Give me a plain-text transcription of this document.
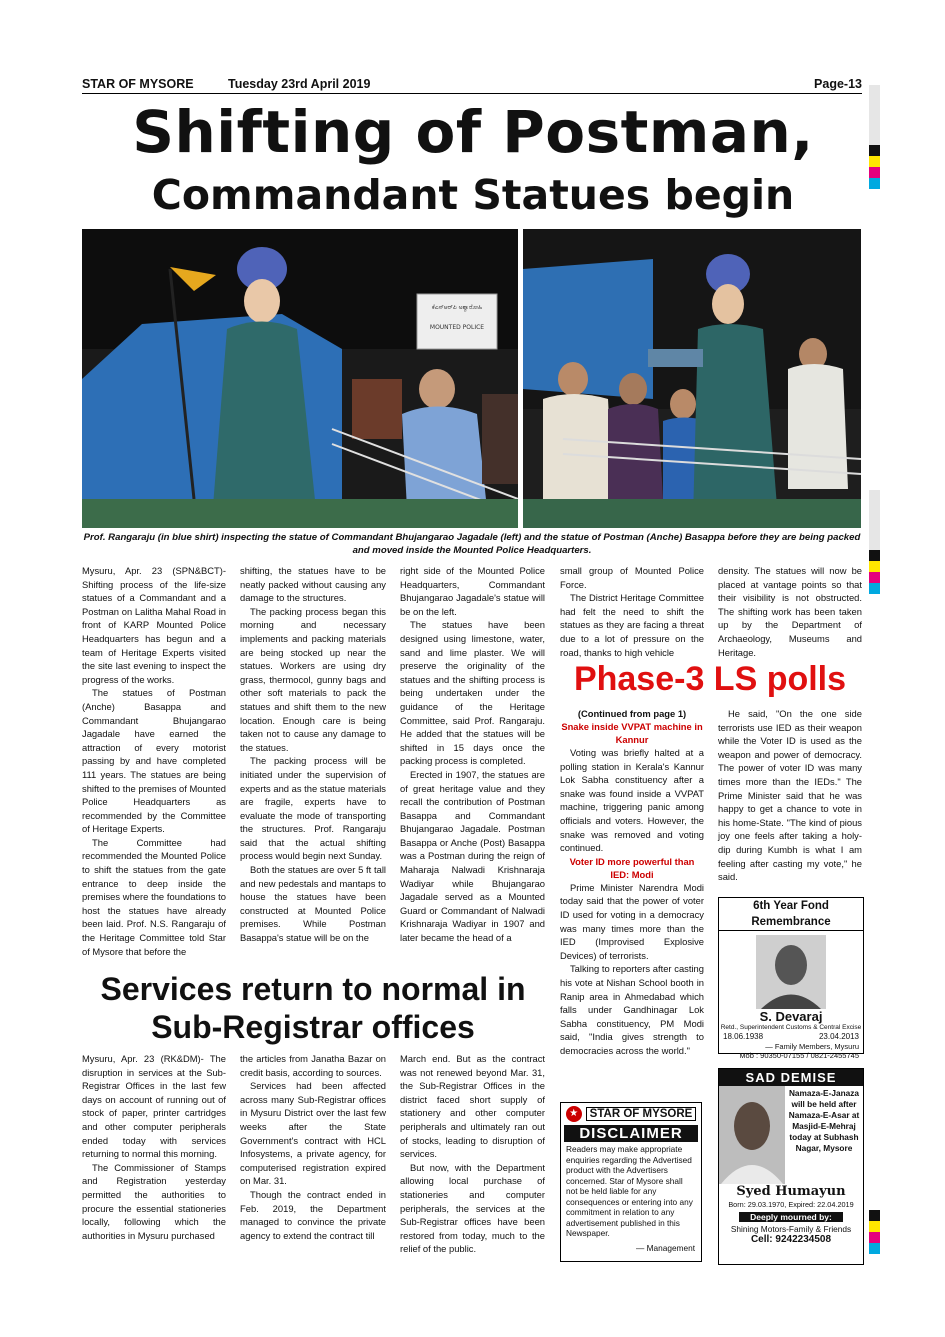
STAR OF MYSORE	Tuesday 23rd April 2019	Page-13
Shifting of Postman,
Commandant Statues begin
ಕೆಎಸ್‌ಆರ್‌ಪಿ ಅಶ್ವಾರೋಹಿ
MOUNTED POLICE
Prof. Rangaraju (in blue shirt) inspecting the statue of Commandant Bhujangarao Jagadale (left) and the statue of Postman (Anche) Basappa before they are being packed and moved inside the Mounted Police Headquarters.

Mysuru, Apr. 23 (SPN&BCT)- Shifting process of the life-size statues of a Commandant and a Postman on Lalitha Mahal Road in front of KARP Mounted Police Headquarters has begun and a team of Heritage Experts visited the site last evening to inspect the progress of the works.

The statues of Postman (Anche) Basappa and Commandant Bhujangarao Jagadale have earned the attraction of every motorist passing by and have completed 111 years. The statues are being shifted to the premises of Mounted Police Headquarters as recommended by the Committee of Heritage Experts.

The Committee had recommended the Mounted Police to shift the statues from the gate entrance to deep inside the premises where the foundations to host the statues have already been laid. Prof. N.S. Rangaraju of the Heritage Committee told Star of Mysore that before the

shifting, the statues have to be neatly packed without causing any damage to the structures.

The packing process began this morning and necessary implements and packing materials are being stocked up near the statues. Workers are using dry grass, thermocol, gunny bags and other soft materials to pack the statues and shift them to the new location. Enough care is being taken not to cause any damage to the statues.

The packing process will be initiated under the supervision of experts and as the statue materials are fragile, experts have to evaluate the mode of transporting the structures. Prof. Rangaraju said that the actual shifting process would begin next Sunday.

Both the statues are over 5 ft tall and new pedestals and mantaps to house the statues have been constructed at Mounted Police premises. While Postman Basappa's statue will be on the

right side of the Mounted Police Headquarters, Commandant Bhujangarao Jagadale's statue will be on the left.

The statues have been designed using limestone, water, sand and lime plaster. We will preserve the originality of the statues and the shifting process is being undertaken under the guidance of the Heritage Committee, said Prof. Rangaraju. He added that the statues will be shifted in 15 days once the packing process is completed.

Erected in 1907, the statues are of great heritage value and they recall the contribution of Postman Basappa and Commandant Bhujangarao Jagadale. Postman Basappa or Anche (Post) Basappa was a Postman during the reign of Maharaja Nalwadi Krishnaraja Wadiyar while Bhujangarao Jagadale served as a Mounted Guard or Commandant of Nalwadi Krishnaraja Wadiyar in 1907 and later became the head of a

small group of Mounted Police Force.

The District Heritage Committee had felt the need to shift the statues as they are facing a threat due to a lot of pressure on the road, thanks to high vehicle

density. The statues will now be placed at vantage points so that their visibility is not obstructed. The shifting work has been taken up by the Department of Archaeology, Museums and Heritage.

Phase-3 LS polls
(Continued from page 1)
Snake inside VVPAT machine in Kannur

Voting was briefly halted at a polling station in Kerala's Kannur Lok Sabha constituency after a snake was found inside a VVPAT machine, triggering panic among officials and voters. However, the snake was removed and voting continued.

Voter ID more powerful than IED: Modi

Prime Minister Narendra Modi today said that the power of voter ID used for voting in a democracy was many times more than the IED (Improvised Explosive Devices) of terrorists.

Talking to reporters after casting his vote at Nishan School booth in Ranip area in Ahmedabad which falls under Gandhinagar Lok Sabha constituency, PM Modi said, "India gives strength to democracies across the world."

He said, "On the one side terrorists use IED as their weapon while the Voter ID is used as the weapon and power of democracy. The power of voter ID was many times more than the IEDs." The Prime Minister said that he was happy to get a chance to vote in his home-State. "The kind of pious joy one feels after taking a holy-dip during Kumbh is what I am feeling after casting my vote," he said.

6th Year Fond Remembrance
S. Devaraj
Retd., Superintendent Customs & Central Excise
18.06.1938	23.04.2013
— Family Members, Mysuru
Mob : 90350-07155 / 0821-2455745
Services return to normal in Sub-Registrar offices

Mysuru, Apr. 23 (RK&DM)- The disruption in services at the Sub-Registrar Offices in the last few days on account of running out of stock of paper, printer cartridges and other computer peripherals ended today with services returning to normal this morning.

The Commissioner of Stamps and Registration yesterday permitted the authorities to procure the essential stationeries locally, following which the authorities in Mysuru purchased

the articles from Janatha Bazar on credit basis, according to sources.

Services had been affected across many Sub-Registrar offices in Mysuru District over the last few weeks after the State Government's contract with HCL Infosystems, a private agency, for computerised registration expired on Mar. 31.

Though the contract ended in Feb. 2019, the Department managed to convince the private agency to extend the contract till

March end. But as the contract was not renewed beyond Mar. 31, the Sub-Registrar Offices in the district faced short supply of stationery and other computer peripherals and ultimately ran out of stocks, leading to disruption of services.

But now, with the Department allowing local purchase of stationeries and computer peripherals, the services at the Sub-Registrar offices have been restored from today, much to the relief of the public.

★	STAR OF MYSORE
DISCLAIMER
Readers may make appropriate enquiries regarding the Advertised product with the Advertisers concerned. Star of Mysore shall not be held liable for any consequences or entering into any commitment in relation to any advertisement published in this Newspaper.
— Management
SAD DEMISE
Namaza-E-Janaza will be held after Namaza-E-Asar at Masjid-E-Mehraj today at Subhash Nagar, Mysore
Syed Humayun
Born: 29.03.1970, Expired: 22.04.2019
Deeply mourned by:
Shining Motors-Family & Friends
Cell: 9242234508
